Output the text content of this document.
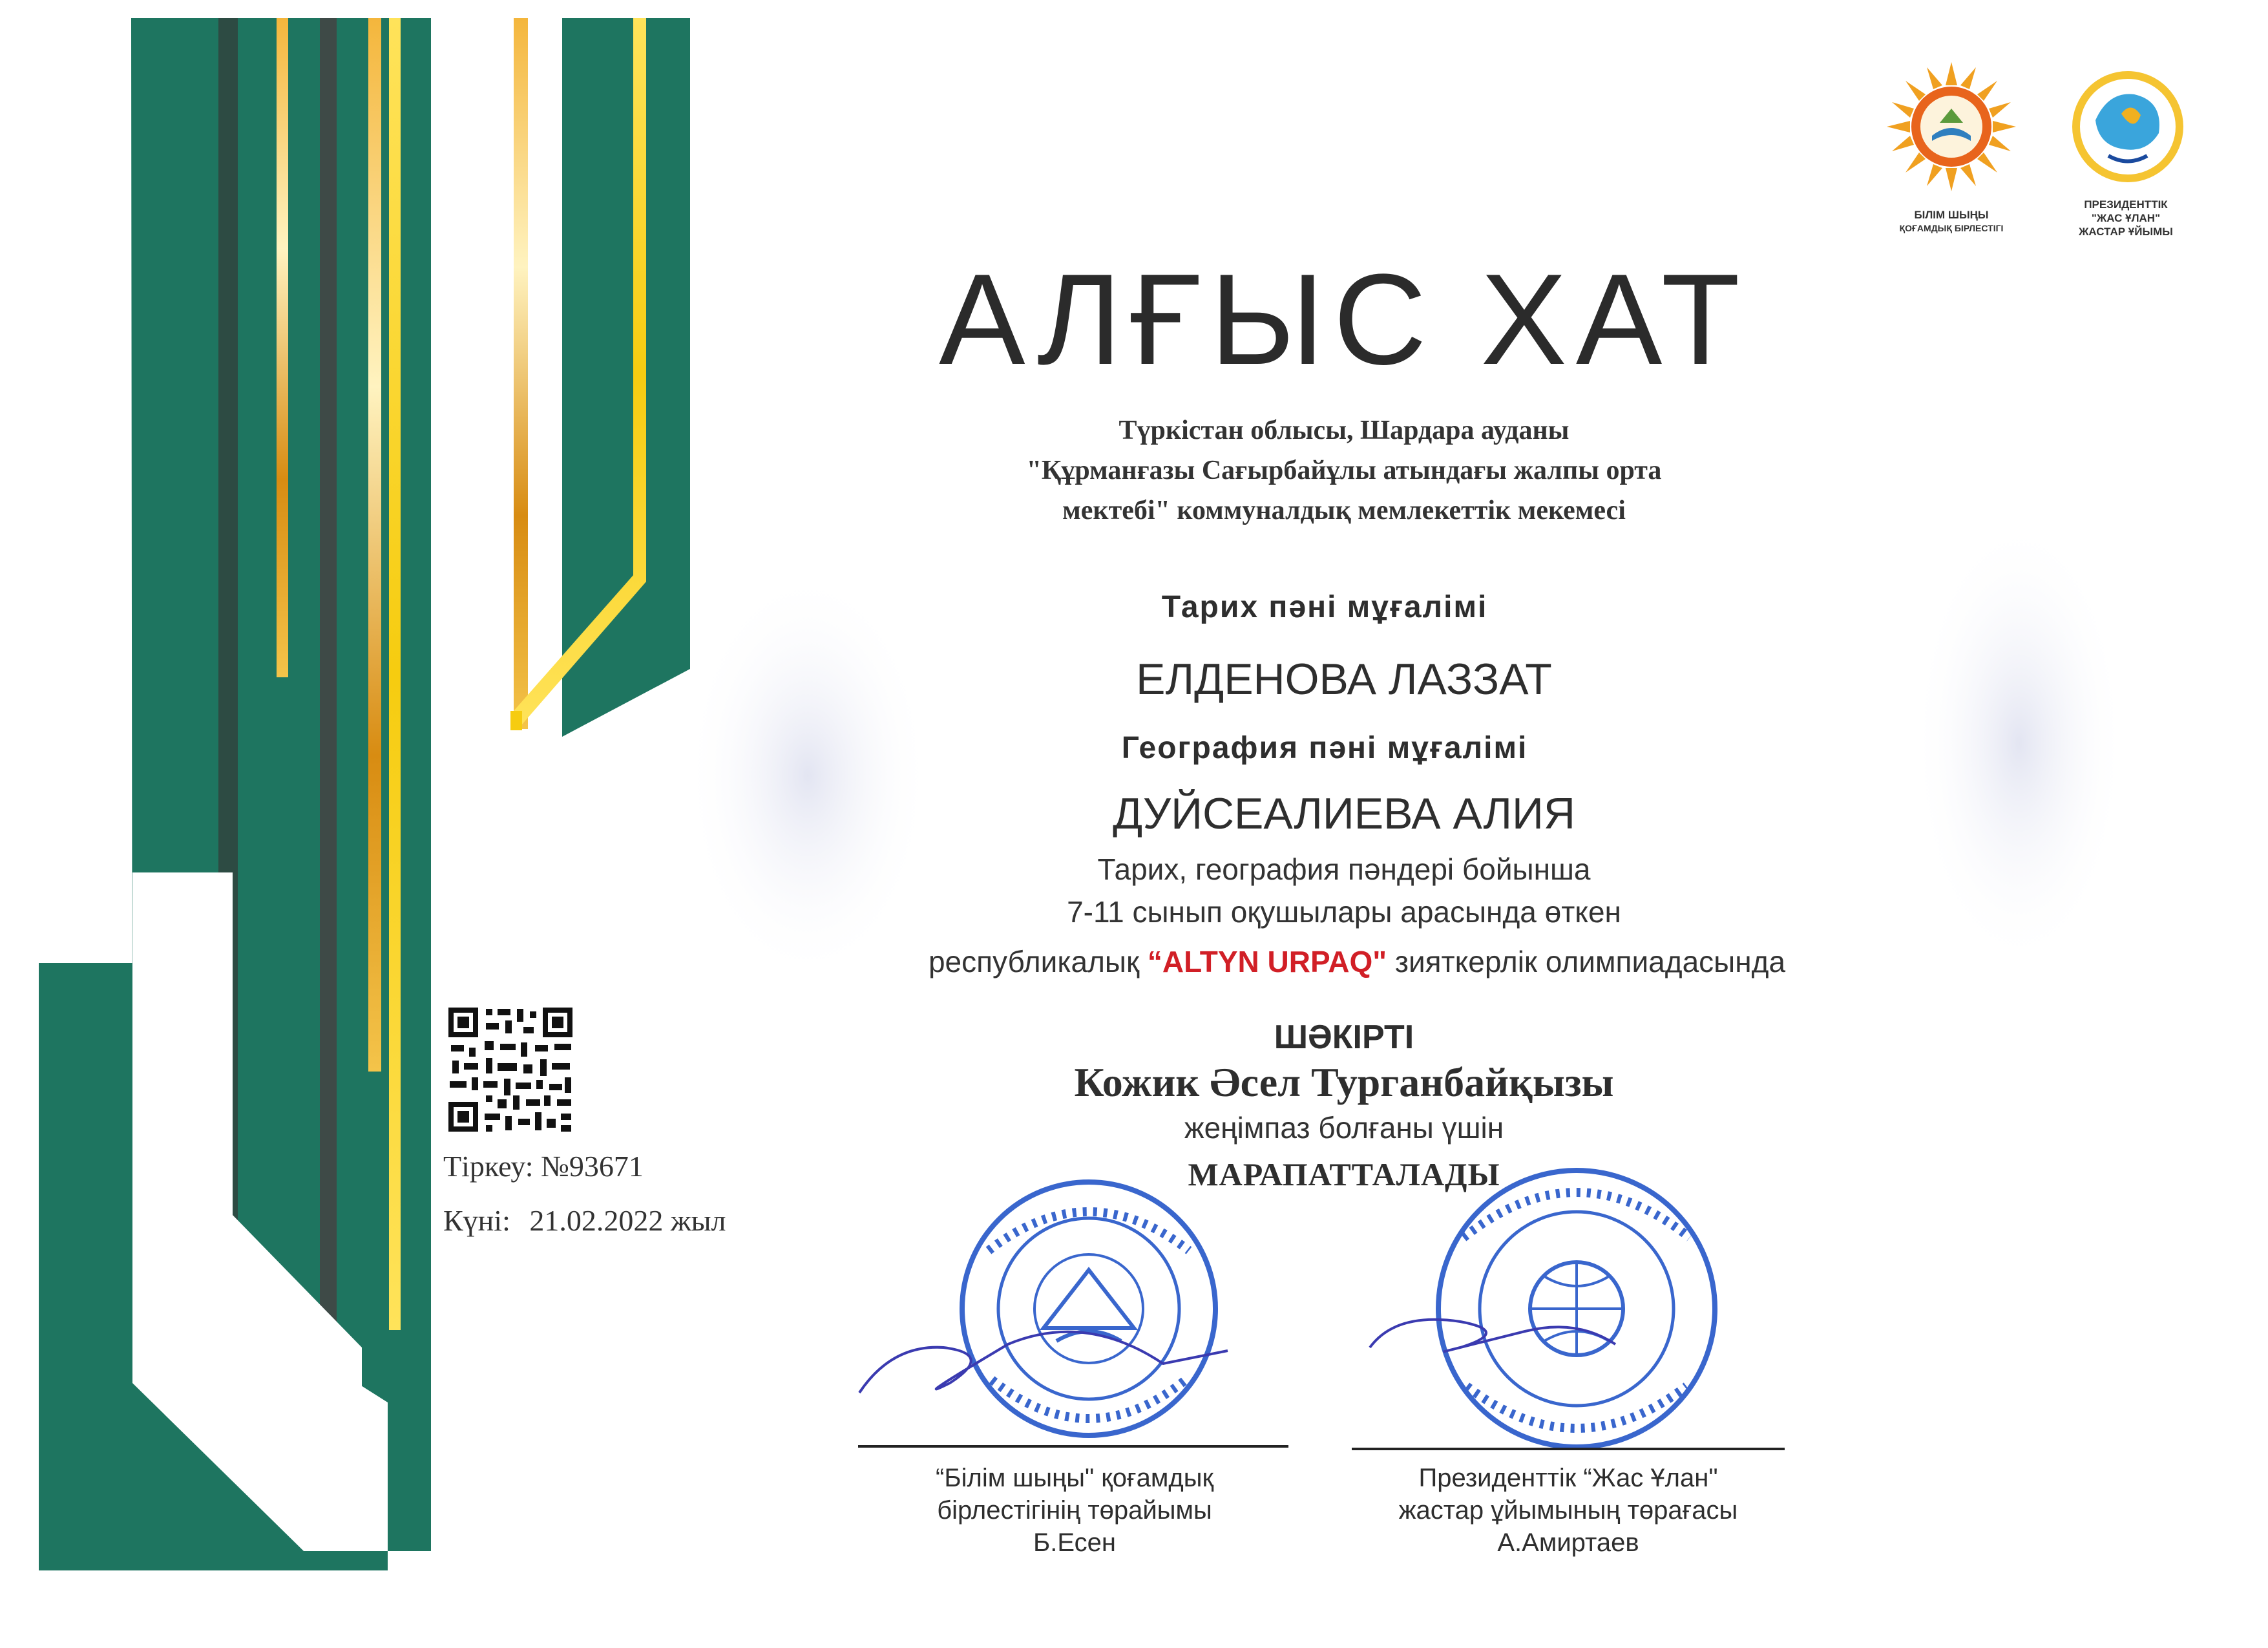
БІЛІМ ШЫҢЫ
ҚОҒАМДЫҚ БІРЛЕСТІГІ
ПРЕЗИДЕНТТІК
"ЖАС ҰЛАН"
ЖАСТАР ҰЙЫМЫ
АЛҒЫС ХАТ
Түркістан облысы, Шардара ауданы
"Құрманғазы Сағырбайұлы атындағы жалпы орта
мектебі" коммуналдық мемлекеттік мекемесі
Тарих пәні мұғалімі
ЕЛДЕНОВА ЛАЗЗАТ
География пәні мұғалімі
ДУЙСЕАЛИЕВА АЛИЯ
Тарих, география пәндері бойынша
7-11 сынып оқушылары арасында өткен
республикалық “ALTYN URPAQ" зияткерлік олимпиадасында
ШӘКІРТІ
Кожик Әсел Турганбайқызы
жеңімпаз болғаны үшін
МАРАПАТТАЛАДЫ
Тіркеу: №93671
Күні: 21.02.2022 жыл
“Білім шыңы" қоғамдық
бірлестігінің төрайымы
Б.Есен
Президенттік “Жас Ұлан"
жастар ұйымының төрағасы
А.Амиртаев
